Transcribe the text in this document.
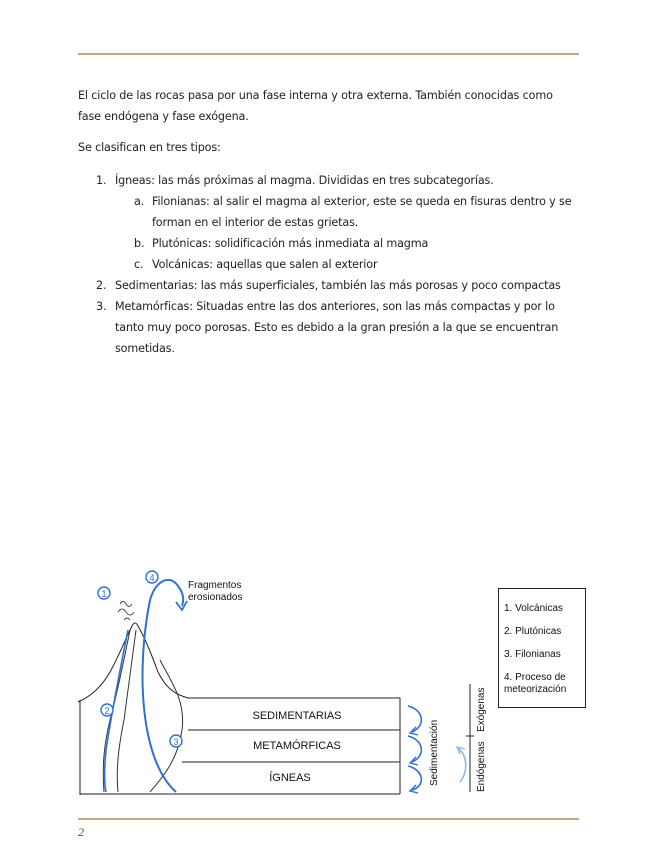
El ciclo de las rocas pasa por una fase interna y otra externa. También conocidas como fase endógena y fase exógena.

Se clasifican en tres tipos:

1. Ígneas: las más próximas al magma. Divididas en tres subcategorías.
a. Filonianas: al salir el magma al exterior, este se queda en fisuras dentro y se forman en el interior de estas grietas.
b. Plutónicas: solidificación más inmediata al magma
c. Volcánicas: aquellas que salen al exterior
2. Sedimentarias: las más superficiales, también las más porosas y poco compactas
3. Metamórficas: Situadas entre las dos anteriores, son las más compactas y por lo tanto muy poco porosas. Esto es debido a la gran presión a la que se encuentran sometidas.
SEDIMENTARIAS
METAMÓRFICAS
ÍGNEAS	Sedimentación	Endógenas
Exógenas
Fragmentos
erosionados
1
2
3
4
1. Volcánicas
2. Plutónicas
3. Filonianas
4. Proceso de
meteorización
2
